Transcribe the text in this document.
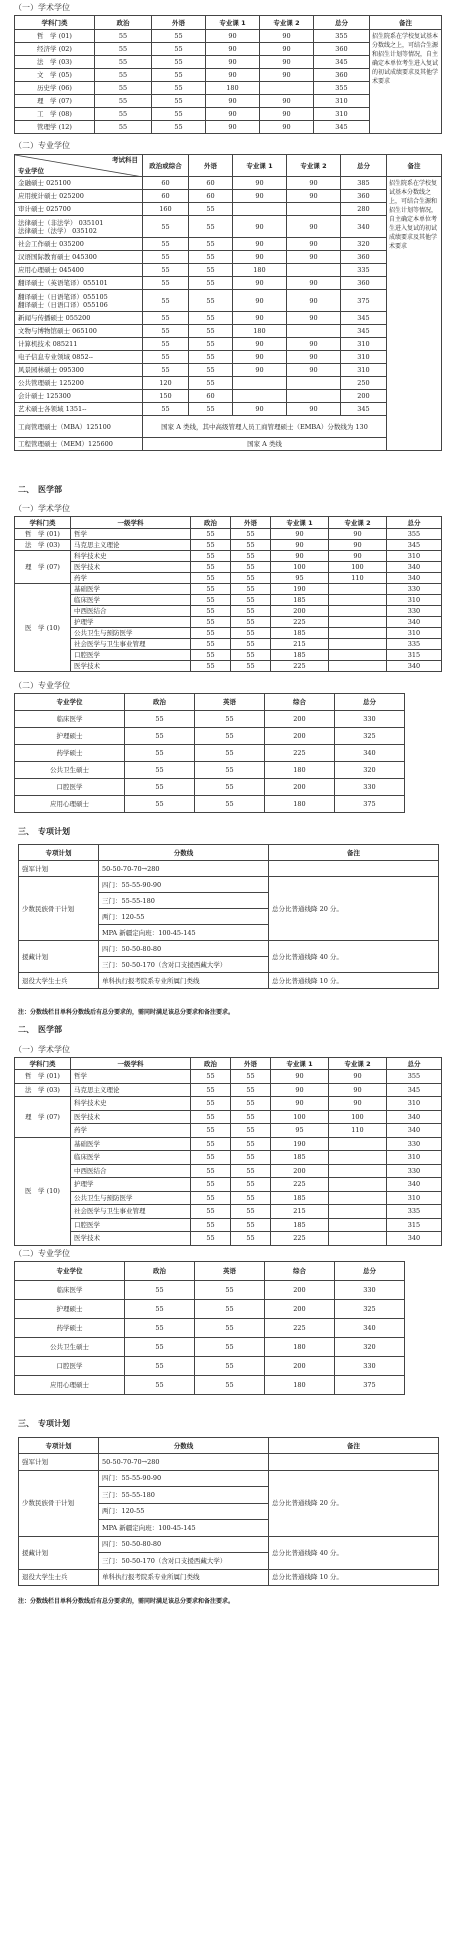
（一）学术学位
学科门类	政治	外语	专业课 1	专业课 2	总分	备注
哲　学 (01)	55	55	90	90	355	招生院系在学校复试基本分数线之上，可结合生源和招生计划等情况，自主确定本单位考生进入复试的初试成绩要求及其他学术要求
经济学 (02)	55	55	90	90	360	
法　学 (03)	55	55	90	90	345	
文　学 (05)	55	55	90	90	360	
历史学 (06)	55	55	180		355	
理　学 (07)	55	55	90	90	310	
工　学 (08)	55	55	90	90	310	
管理学 (12)	55	55	90	90	345	
（二）专业学位
考试科目
专业学位	政治或综合	外语	专业课 1	专业课 2	总分	备注
金融硕士 025100	60	60	90	90	385	招生院系在学校复试基本分数线之上，可结合生源和招生计划等情况，自主确定本单位考生进入复试的初试成绩要求及其他学术要求
应用统计硕士 025200	60	60	90	90	360	
审计硕士 025700	160	55			280	
法律硕士（非法学） 035101
法律硕士（法学） 035102	55	55	90	90	340	
社会工作硕士 035200	55	55	90	90	320	
汉语国际教育硕士 045300	55	55	90	90	360	
应用心理硕士 045400	55	55	180		335	
翻译硕士（英语笔译）055101	55	55	90	90	360	
翻译硕士（日语笔译）055105
翻译硕士（日语口译）055106	55	55	90	90	375	
新闻与传播硕士 055200	55	55	90	90	345	
文物与博物馆硕士 065100	55	55	180		345	
计算机技术 085211	55	55	90	90	310	
电子信息专业领域 0852--	55	55	90	90	310	
风景园林硕士 095300	55	55	90	90	310	
公共管理硕士 125200	120	55			250	
会计硕士 125300	150	60			200	
艺术硕士各领域 1351--	55	55	90	90	345	
工商管理硕士（MBA）125100	国家 A 类线，其中高级管理人员工商管理硕士（EMBA）分数线为 130					
工程管理硕士（MEM）125600	国家 A 类线					
二、　医学部
（一）学术学位
学科门类	一级学科	政治	外语	专业课 1	专业课 2	总分
哲　学 (01)	哲学	55	55	90	90	355
法　学 (03)	马克思主义理论	55	55	90	90	345
理　学 (07)	科学技术史	55	55	90	90	310
	医学技术	55	55	100	100	340
	药学	55	55	95	110	340
医　学 (10)	基础医学	55	55	190		330
	临床医学	55	55	185		310
	中西医结合	55	55	200		330
	护理学	55	55	225		340
	公共卫生与预防医学	55	55	185		310
	社会医学与卫生事业管理	55	55	215		335
	口腔医学	55	55	185		315
	医学技术	55	55	225		340
（二）专业学位
专业学位	政治	英语	综合	总分
临床医学	55	55	200	330
护理硕士	55	55	200	325
药学硕士	55	55	225	340
公共卫生硕士	55	55	180	320
口腔医学	55	55	200	330
应用心理硕士	55	55	180	375
三、　专项计划
专项计划	分数线	备注
强军计划	50-50-70-70→280	
少数民族骨干计划	四门：55-55-90-90	总分比普通线降 20 分。
	三门：55-55-180	
	两门：120-55	
	MPA 新疆定向班：100-45-145	
援藏计划	四门：50-50-80-80	总分比普通线降 40 分。
	三门：50-50-170（含对口支援西藏大学）	
退役大学生士兵	单科执行报考院系专业所属门类线	总分比普通线降 10 分。
注：分数线栏目单科分数线后有总分要求的，需同时满足该总分要求和备注要求。
二、　医学部
（一）学术学位
学科门类	一级学科	政治	外语	专业课 1	专业课 2	总分
哲　学 (01)	哲学	55	55	90	90	355
法　学 (03)	马克思主义理论	55	55	90	90	345
理　学 (07)	科学技术史	55	55	90	90	310
	医学技术	55	55	100	100	340
	药学	55	55	95	110	340
医　学 (10)	基础医学	55	55	190		330
	临床医学	55	55	185		310
	中西医结合	55	55	200		330
	护理学	55	55	225		340
	公共卫生与预防医学	55	55	185		310
	社会医学与卫生事业管理	55	55	215		335
	口腔医学	55	55	185		315
	医学技术	55	55	225		340
（二）专业学位
专业学位	政治	英语	综合	总分
临床医学	55	55	200	330
护理硕士	55	55	200	325
药学硕士	55	55	225	340
公共卫生硕士	55	55	180	320
口腔医学	55	55	200	330
应用心理硕士	55	55	180	375
三、　专项计划
专项计划	分数线	备注
强军计划	50-50-70-70→280	
少数民族骨干计划	四门：55-55-90-90	总分比普通线降 20 分。
	三门：55-55-180	
	两门：120-55	
	MPA 新疆定向班：100-45-145	
援藏计划	四门：50-50-80-80	总分比普通线降 40 分。
	三门：50-50-170（含对口支援西藏大学）	
退役大学生士兵	单科执行报考院系专业所属门类线	总分比普通线降 10 分。
注：分数线栏目单科分数线后有总分要求的，需同时满足该总分要求和备注要求。
